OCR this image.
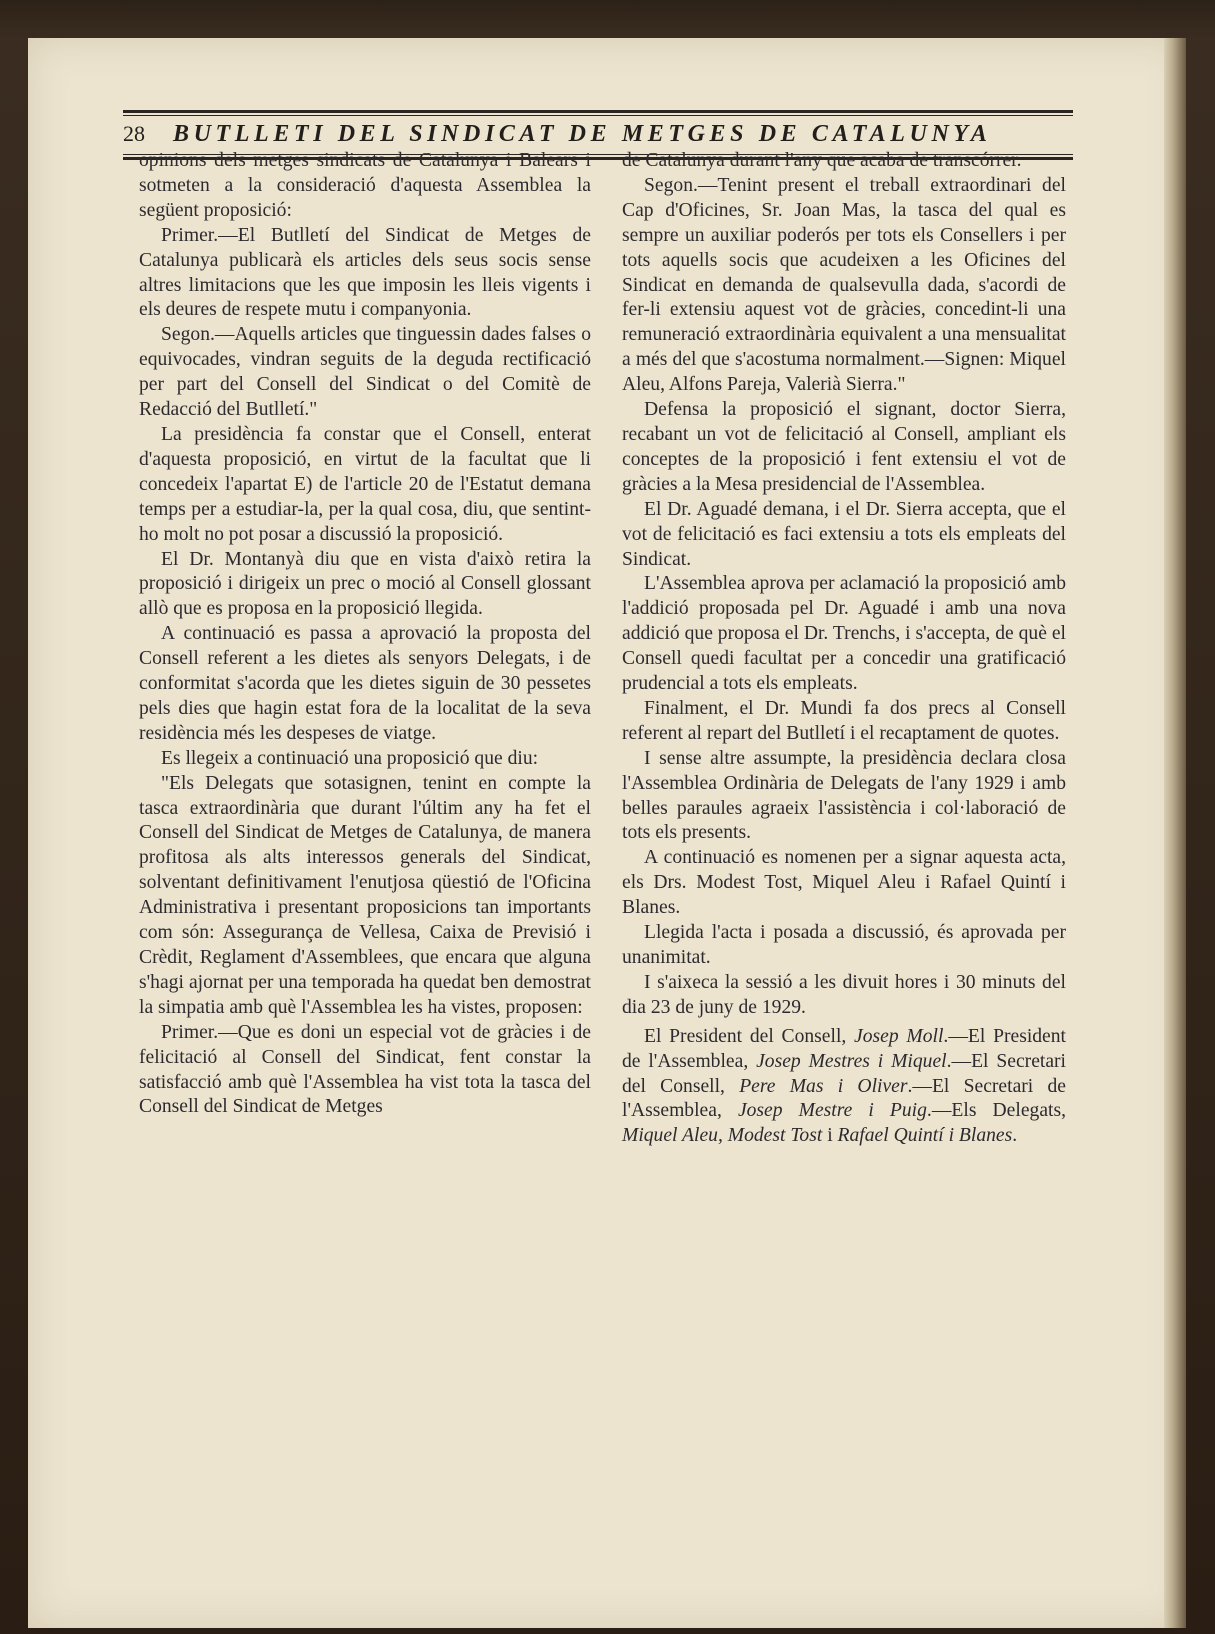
28 BUTLLETI DEL SINDICAT DE METGES DE CATALUNYA

opinions dels metges sindicats de Catalunya i Balears i sotmeten a la consideració d'aquesta Assemblea la següent proposició:

Primer.—El Butlletí del Sindicat de Metges de Catalunya publicarà els articles dels seus socis sense altres limitacions que les que imposin les lleis vigents i els deures de respete mutu i companyonia.

Segon.—Aquells articles que tinguessin dades falses o equivocades, vindran seguits de la deguda rectificació per part del Consell del Sindicat o del Comitè de Redacció del Butlletí."

La presidència fa constar que el Consell, enterat d'aquesta proposició, en virtut de la facultat que li concedeix l'apartat E) de l'article 20 de l'Estatut demana temps per a estudiar-la, per la qual cosa, diu, que sentint-ho molt no pot posar a discussió la proposició.

El Dr. Montanyà diu que en vista d'això retira la proposició i dirigeix un prec o moció al Consell glossant allò que es proposa en la proposició llegida.

A continuació es passa a aprovació la proposta del Consell referent a les dietes als senyors Delegats, i de conformitat s'acorda que les dietes siguin de 30 pessetes pels dies que hagin estat fora de la localitat de la seva residència més les despeses de viatge.

Es llegeix a continuació una proposició que diu:

"Els Delegats que sotasignen, tenint en compte la tasca extraordinària que durant l'últim any ha fet el Consell del Sindicat de Metges de Catalunya, de manera profitosa als alts interessos generals del Sindicat, solventant definitivament l'enutjosa qüestió de l'Oficina Administrativa i presentant proposicions tan importants com són: Assegurança de Vellesa, Caixa de Previsió i Crèdit, Reglament d'Assemblees, que encara que alguna s'hagi ajornat per una temporada ha quedat ben demostrat la simpatia amb què l'Assemblea les ha vistes, proposen:

Primer.—Que es doni un especial vot de gràcies i de felicitació al Consell del Sindicat, fent constar la satisfacció amb què l'Assemblea ha vist tota la tasca del Consell del Sindicat de Metges

de Catalunya durant l'any que acaba de transcórrer.

Segon.—Tenint present el treball extraordinari del Cap d'Oficines, Sr. Joan Mas, la tasca del qual es sempre un auxiliar poderós per tots els Consellers i per tots aquells socis que acudeixen a les Oficines del Sindicat en demanda de qualsevulla dada, s'acordi de fer-li extensiu aquest vot de gràcies, concedint-li una remuneració extraordinària equivalent a una mensualitat a més del que s'acostuma normalment.—Signen: Miquel Aleu, Alfons Pareja, Valerià Sierra."

Defensa la proposició el signant, doctor Sierra, recabant un vot de felicitació al Consell, ampliant els conceptes de la proposició i fent extensiu el vot de gràcies a la Mesa presidencial de l'Assemblea.

El Dr. Aguadé demana, i el Dr. Sierra accepta, que el vot de felicitació es faci extensiu a tots els empleats del Sindicat.

L'Assemblea aprova per aclamació la proposició amb l'addició proposada pel Dr. Aguadé i amb una nova addició que proposa el Dr. Trenchs, i s'accepta, de què el Consell quedi facultat per a concedir una gratificació prudencial a tots els empleats.

Finalment, el Dr. Mundi fa dos precs al Consell referent al repart del Butlletí i el recaptament de quotes.

I sense altre assumpte, la presidència declara closa l'Assemblea Ordinària de Delegats de l'any 1929 i amb belles paraules agraeix l'assistència i col·laboració de tots els presents.

A continuació es nomenen per a signar aquesta acta, els Drs. Modest Tost, Miquel Aleu i Rafael Quintí i Blanes.

Llegida l'acta i posada a discussió, és aprovada per unanimitat.

I s'aixeca la sessió a les divuit hores i 30 minuts del dia 23 de juny de 1929.

El President del Consell, Josep Moll.—El President de l'Assemblea, Josep Mestres i Miquel.—El Secretari del Consell, Pere Mas i Oliver.—El Secretari de l'Assemblea, Josep Mestre i Puig.—Els Delegats, Miquel Aleu, Modest Tost i Rafael Quintí i Blanes.
